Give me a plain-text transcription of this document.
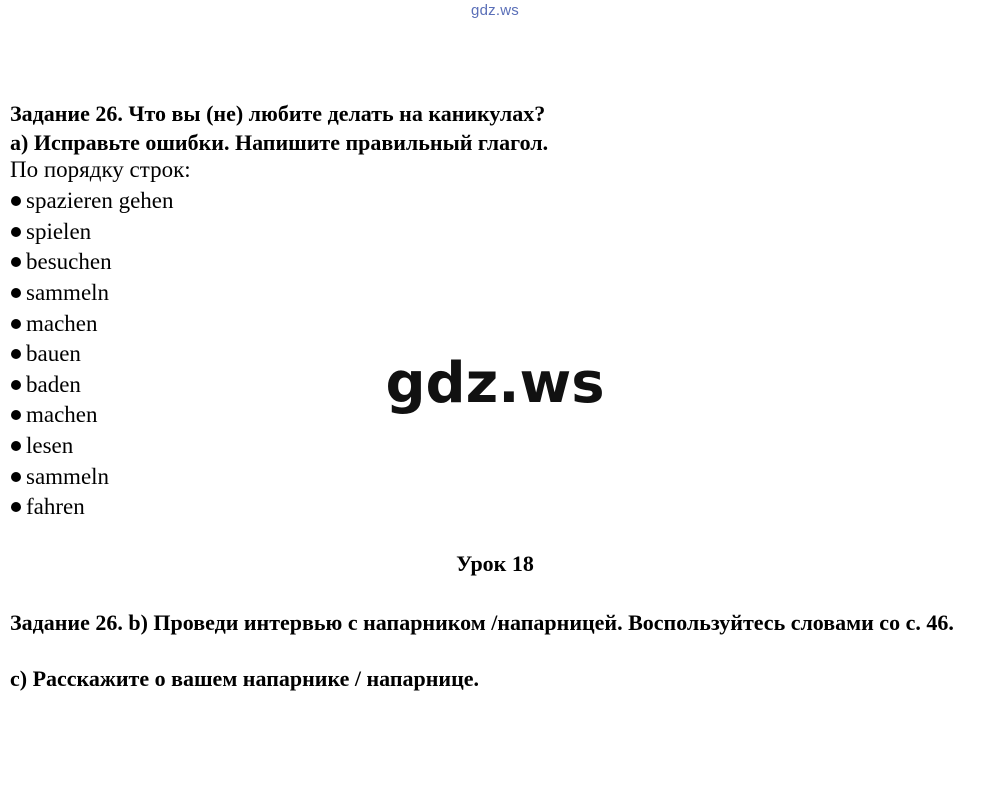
gdz.ws
Задание 26. Что вы (не) любите делать на каникулах?
а) Исправьте ошибки. Напишите правильный глагол.
По порядку строк:
spazieren gehen
spielen
besuchen
sammeln
machen
bauen
baden
machen
lesen
sammeln
fahren
gdz.ws
Урок 18
Задание 26. b) Проведи интервью с напарником /напарницей. Воспользуйтесь словами со с. 46.
с) Расскажите о вашем напарнике / напарнице.
